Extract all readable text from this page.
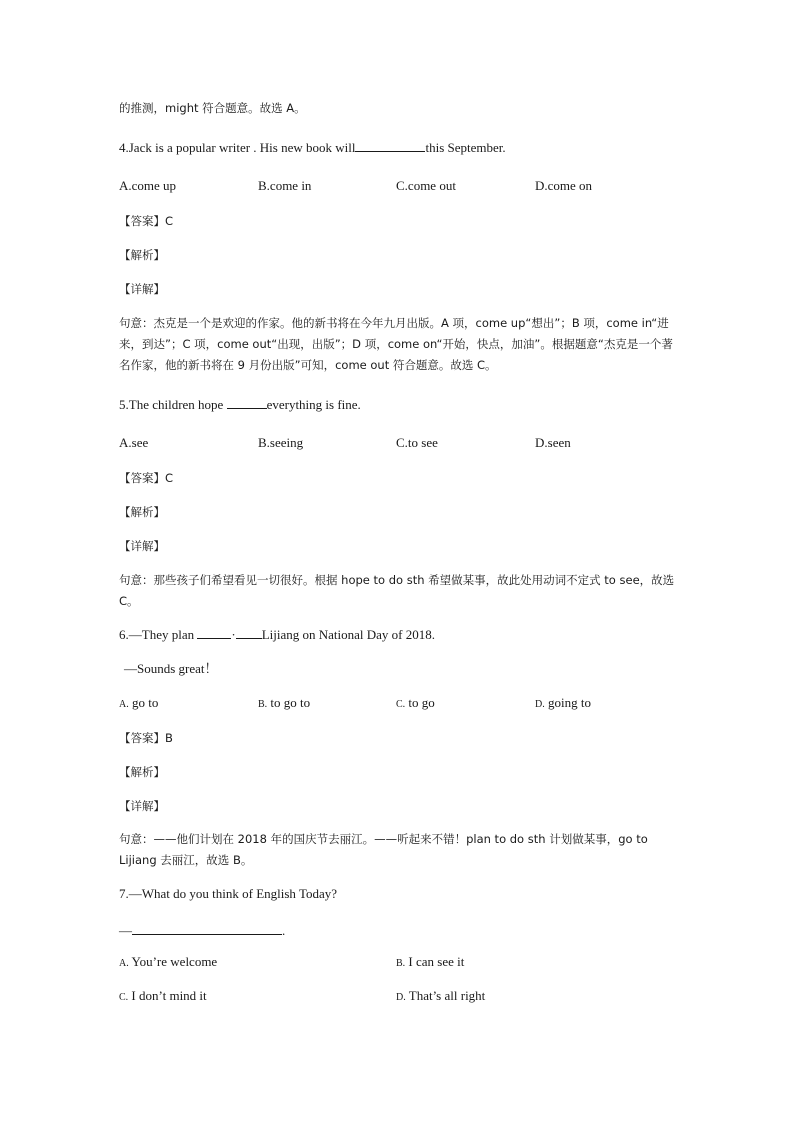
的推测，might 符合题意。故选 A。
4.Jack is a popular writer . His new book will	this September.
A.come up	B.come in	C.come out	D.come on
【答案】C
【解析】
【详解】
句意：杰克是一个是欢迎的作家。他的新书将在今年九月出版。A 项，come up“想出”；B 项，come in“进
来，到达”；C 项，come out“出现，出版”；D 项，come on“开始，快点，加油”。根据题意“杰克是一个著
名作家，他的新书将在 9 月份出版”可知，come out 符合题意。故选 C。
5.The children hope	everything is fine.
A.see	B.seeing	C.to see	D.seen
【答案】C
【解析】
【详解】
句意：那些孩子们希望看见一切很好。根据 hope to do sth 希望做某事，故此处用动词不定式 to see，故选
C。
6.—They plan	· Lijiang on National Day of 2018.
—Sounds great！
A. go to	B. to go to	C. to go	D. going to
【答案】B
【解析】
【详解】
句意：——他们计划在 2018 年的国庆节去丽江。——听起来不错！plan to do sth 计划做某事，go to
Lijiang 去丽江，故选 B。
7.—What do you think of English Today?
—	.
A. You’re welcome	B. I can see it
C. I don’t mind it	D. That’s all right
